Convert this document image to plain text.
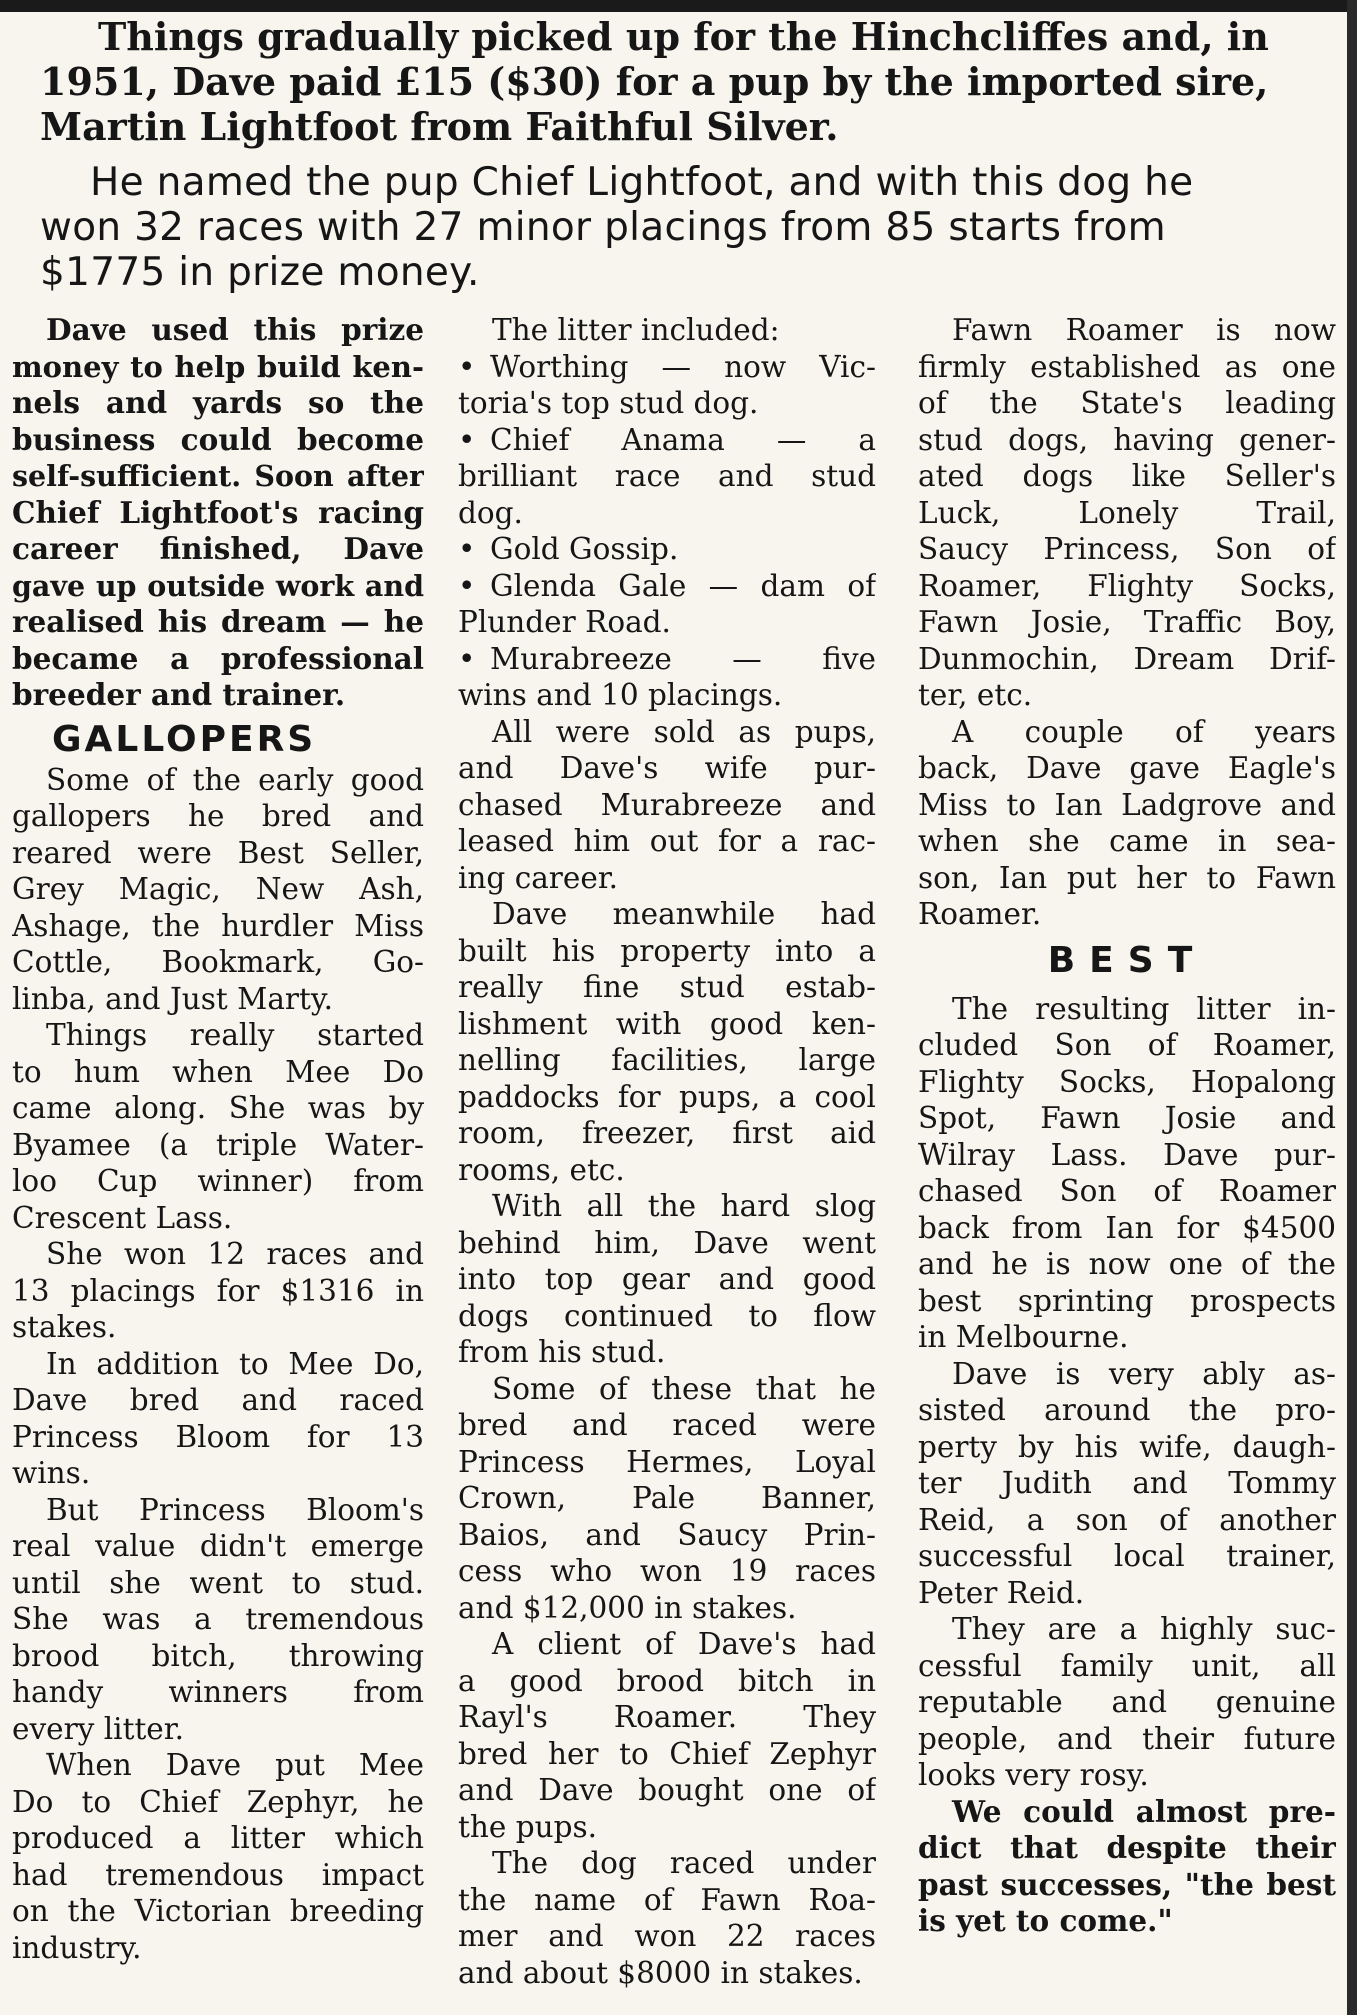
Things gradually picked up for the Hinchcliffes and, in

1951, Dave paid £15 ($30) for a pup by the imported sire,

Martin Lightfoot from Faithful Silver.

He named the pup Chief Lightfoot, and with this dog he

won 32 races with 27 minor placings from 85 starts from

$1775 in prize money.

Dave used this prize
money to help build ken-
nels and yards so the
business could become
self-sufficient. Soon after
Chief Lightfoot's racing
career finished, Dave
gave up outside work and
realised his dream — he
became a professional
breeder and trainer.
GALLOPERS
Some of the early good
gallopers he bred and
reared were Best Seller,
Grey Magic, New Ash,
Ashage, the hurdler Miss
Cottle, Bookmark, Go-
linba, and Just Marty.
Things really started
to hum when Mee Do
came along. She was by
Byamee (a triple Water-
loo Cup winner) from
Crescent Lass.
She won 12 races and
13 placings for $1316 in
stakes.
In addition to Mee Do,
Dave bred and raced
Princess Bloom for 13
wins.
But Princess Bloom's
real value didn't emerge
until she went to stud.
She was a tremendous
brood bitch, throwing
handy winners from
every litter.
When Dave put Mee
Do to Chief Zephyr, he
produced a litter which
had tremendous impact
on the Victorian breeding
industry.
The litter included:
• Worthing — now Vic-
toria's top stud dog.
• Chief Anama — a
brilliant race and stud
dog.
• Gold Gossip.
• Glenda Gale — dam of
Plunder Road.
• Murabreeze — five
wins and 10 placings.
All were sold as pups,
and Dave's wife pur-
chased Murabreeze and
leased him out for a rac-
ing career.
Dave meanwhile had
built his property into a
really fine stud estab-
lishment with good ken-
nelling facilities, large
paddocks for pups, a cool
room, freezer, first aid
rooms, etc.
With all the hard slog
behind him, Dave went
into top gear and good
dogs continued to flow
from his stud.
Some of these that he
bred and raced were
Princess Hermes, Loyal
Crown, Pale Banner,
Baios, and Saucy Prin-
cess who won 19 races
and $12,000 in stakes.
A client of Dave's had
a good brood bitch in
Rayl's Roamer. They
bred her to Chief Zephyr
and Dave bought one of
the pups.
The dog raced under
the name of Fawn Roa-
mer and won 22 races
and about $8000 in stakes.
Fawn Roamer is now
firmly established as one
of the State's leading
stud dogs, having gener-
ated dogs like Seller's
Luck, Lonely Trail,
Saucy Princess, Son of
Roamer, Flighty Socks,
Fawn Josie, Traffic Boy,
Dunmochin, Dream Drif-
ter, etc.
A couple of years
back, Dave gave Eagle's
Miss to Ian Ladgrove and
when she came in sea-
son, Ian put her to Fawn
Roamer.
BEST
The resulting litter in-
cluded Son of Roamer,
Flighty Socks, Hopalong
Spot, Fawn Josie and
Wilray Lass. Dave pur-
chased Son of Roamer
back from Ian for $4500
and he is now one of the
best sprinting prospects
in Melbourne.
Dave is very ably as-
sisted around the pro-
perty by his wife, daugh-
ter Judith and Tommy
Reid, a son of another
successful local trainer,
Peter Reid.
They are a highly suc-
cessful family unit, all
reputable and genuine
people, and their future
looks very rosy.
We could almost pre-
dict that despite their
past successes, "the best
is yet to come."
